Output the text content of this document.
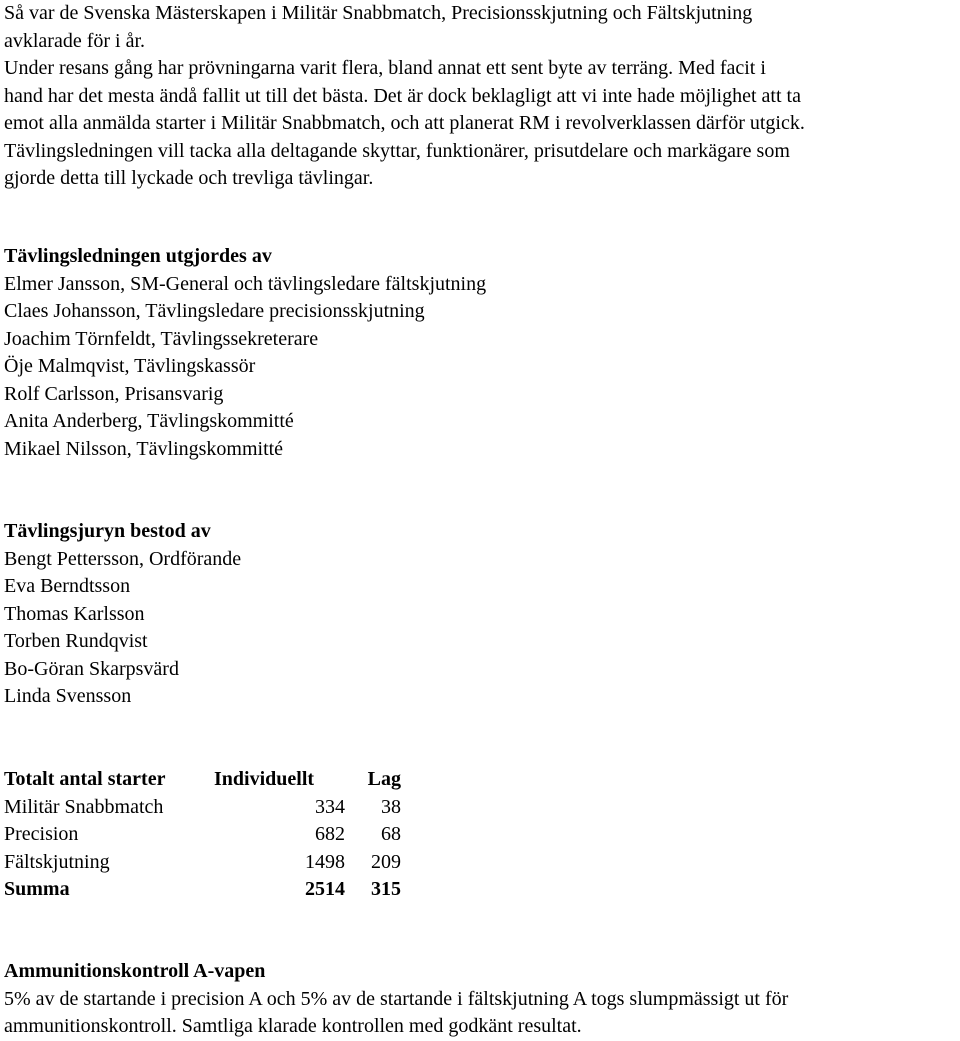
Så var de Svenska Mästerskapen i Militär Snabbmatch, Precisionsskjutning och Fältskjutning
avklarade för i år.
Under resans gång har prövningarna varit flera, bland annat ett sent byte av terräng. Med facit i
hand har det mesta ändå fallit ut till det bästa. Det är dock beklagligt att vi inte hade möjlighet att ta
emot alla anmälda starter i Militär Snabbmatch, och att planerat RM i revolverklassen därför utgick.
Tävlingsledningen vill tacka alla deltagande skyttar, funktionärer, prisutdelare och markägare som
gjorde detta till lyckade och trevliga tävlingar.
Tävlingsledningen utgjordes av
Elmer Jansson, SM-General och tävlingsledare fältskjutning
Claes Johansson, Tävlingsledare precisionsskjutning
Joachim Törnfeldt, Tävlingssekreterare
Öje Malmqvist, Tävlingskassör
Rolf Carlsson, Prisansvarig
Anita Anderberg, Tävlingskommitté
Mikael Nilsson, Tävlingskommitté
Tävlingsjuryn bestod av
Bengt Pettersson, Ordförande
Eva Berndtsson
Thomas Karlsson
Torben Rundqvist
Bo-Göran Skarpsvärd
Linda Svensson
Totalt antal starter	Individuellt	Lag
Militär Snabbmatch	334	38
Precision	682	68
Fältskjutning	1498	209
Summa	2514	315
Ammunitionskontroll A-vapen
5% av de startande i precision A och 5% av de startande i fältskjutning A togs slumpmässigt ut för
ammunitionskontroll. Samtliga klarade kontrollen med godkänt resultat.
